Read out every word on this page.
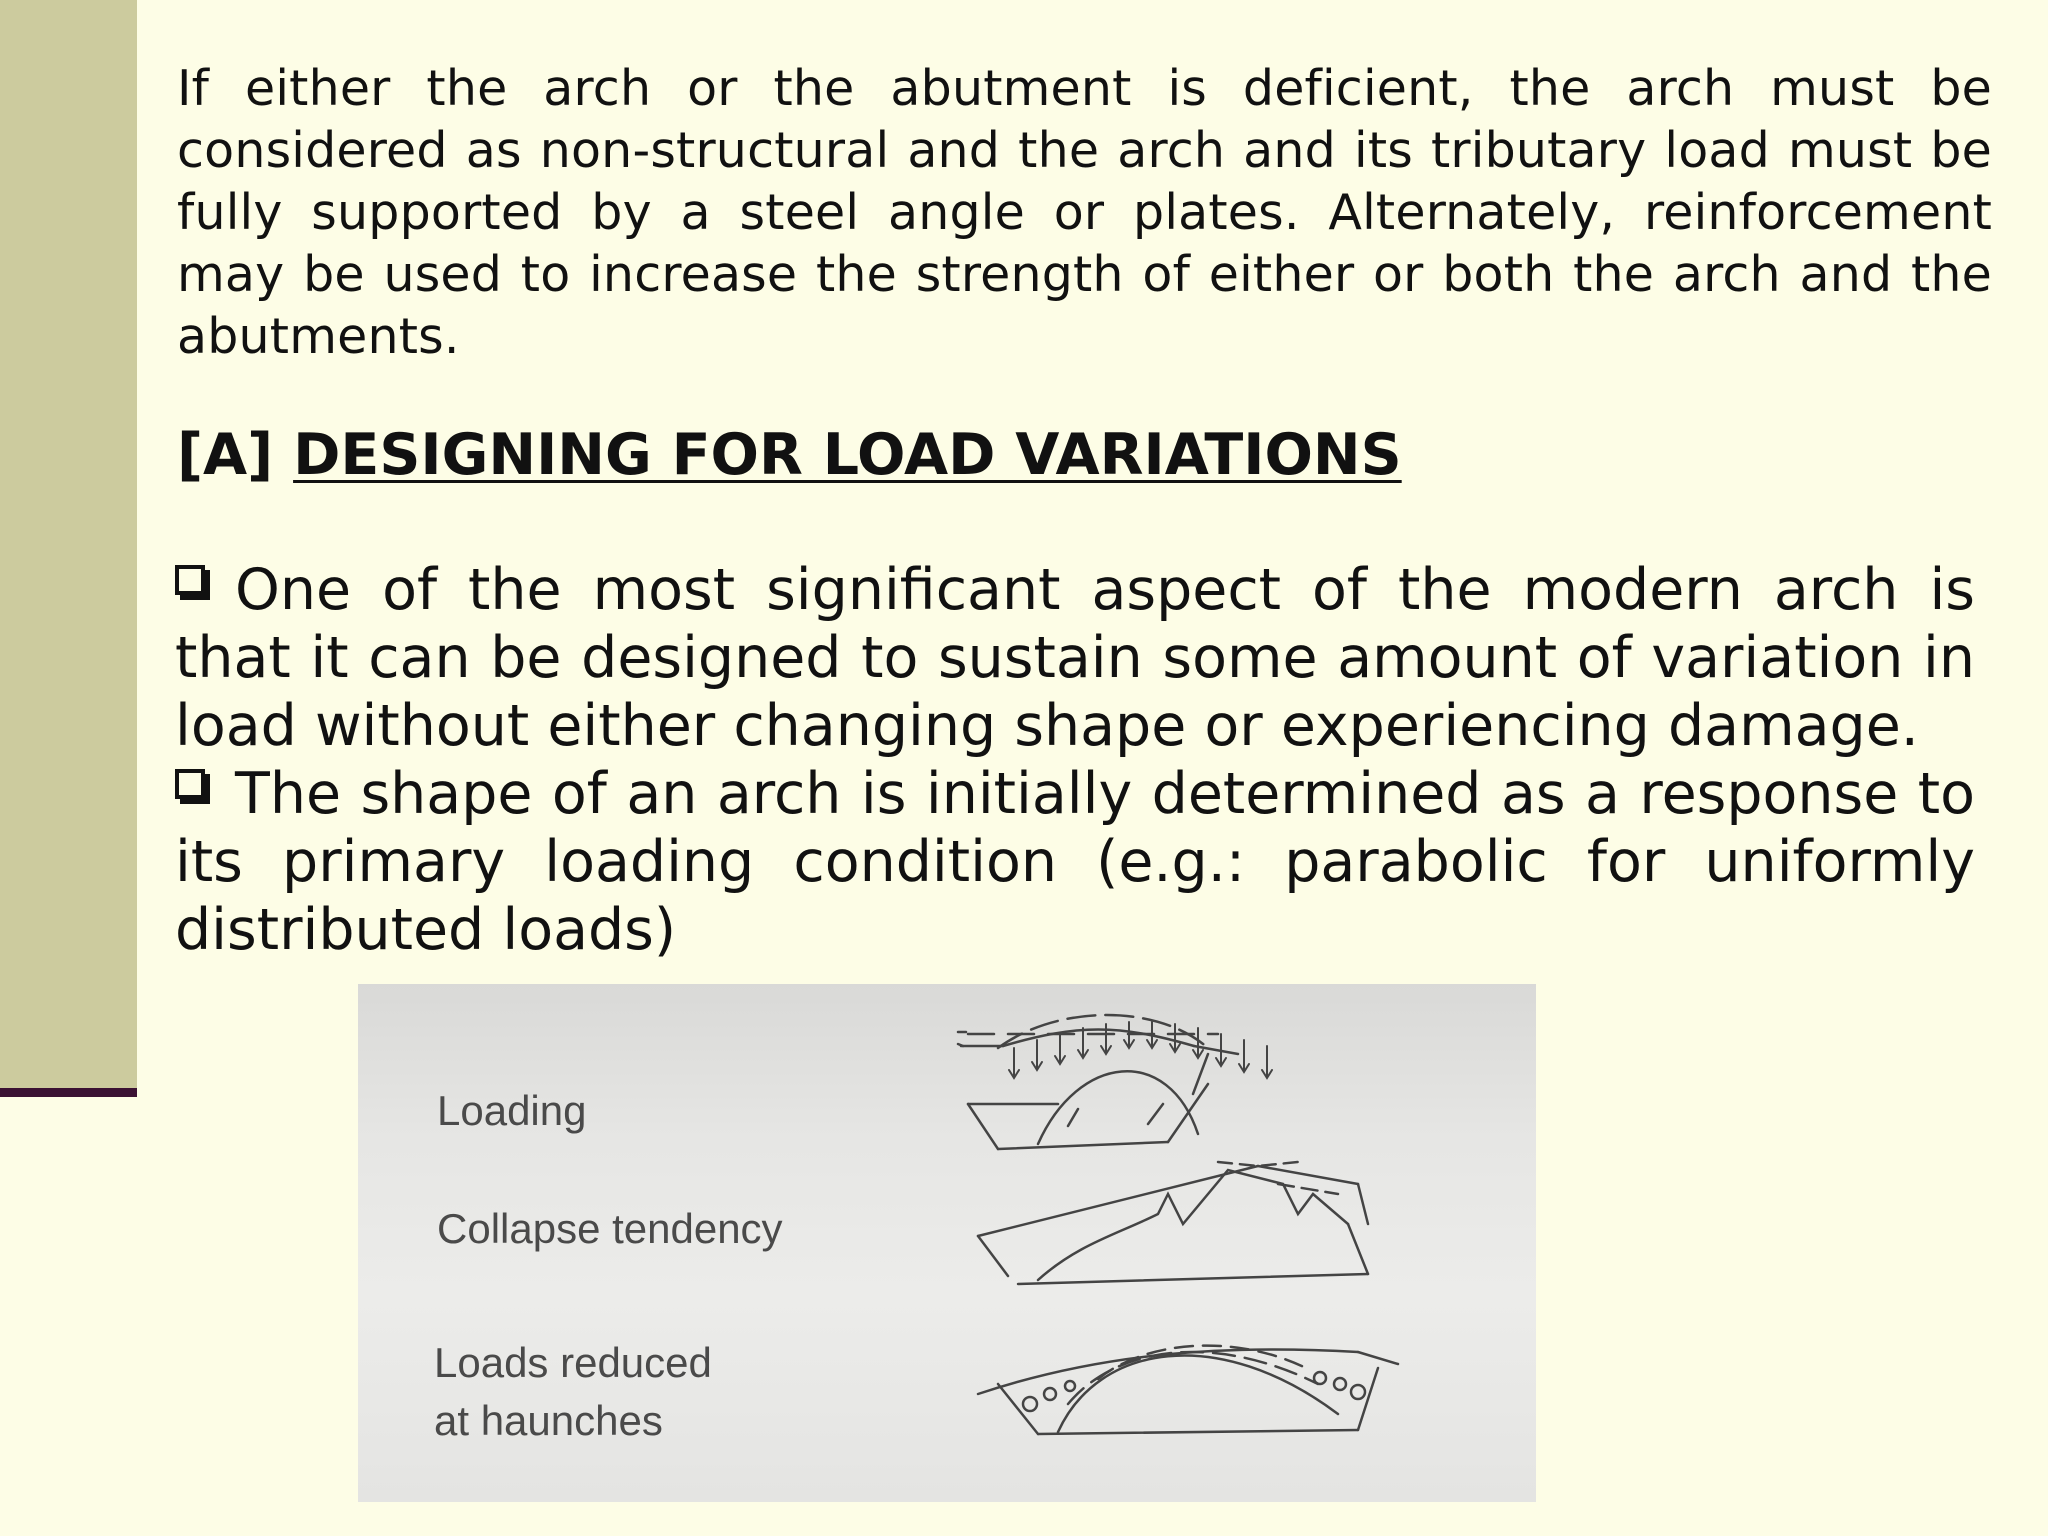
If either the arch or the abutment is deficient, the arch must be considered as non-structural and the arch and its tributary load must be fully supported by a steel angle or plates. Alternately, reinforcement may be used to increase the strength of either or both the arch and the abutments.

[A] DESIGNING FOR LOAD VARIATIONS

One of the most significant aspect of the modern arch is that it can be designed to sustain some amount of variation in load without either changing shape or experiencing damage.

The shape of an arch is initially determined as a response to its primary loading condition (e.g.: parabolic for uniformly distributed loads)

Loading
Collapse tendency
Loads reduced
at haunches
